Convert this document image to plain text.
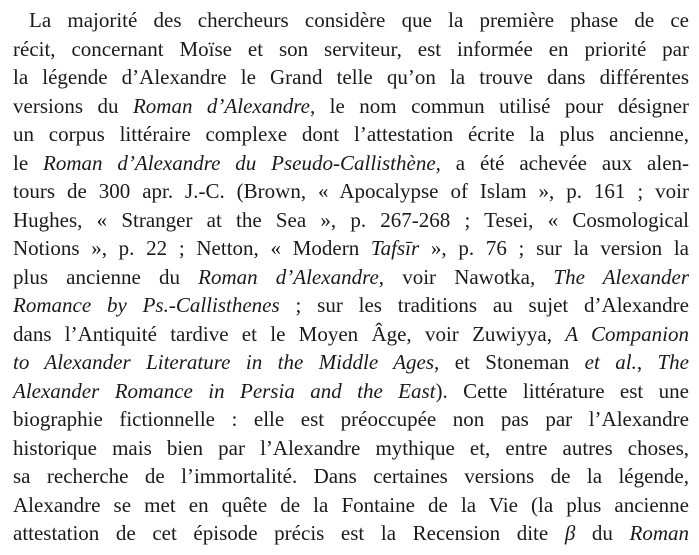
La majorité des chercheurs considère que la première phase de ce
récit, concernant Moïse et son serviteur, est informée en priorité par
la légende d’Alexandre le Grand telle qu’on la trouve dans différentes
versions du Roman d’Alexandre, le nom commun utilisé pour désigner
un corpus littéraire complexe dont l’attestation écrite la plus ancienne,
le Roman d’Alexandre du Pseudo-Callisthène, a été achevée aux alen-
tours de 300 apr. J.-C. (Brown, « Apocalypse of Islam », p. 161 ; voir
Hughes, « Stranger at the Sea », p. 267-268 ; Tesei, « Cosmological
Notions », p. 22 ; Netton, « Modern Tafsīr », p. 76 ; sur la version la
plus ancienne du Roman d’Alexandre, voir Nawotka, The Alexander
Romance by Ps.-Callisthenes ; sur les traditions au sujet d’Alexandre
dans l’Antiquité tardive et le Moyen Âge, voir Zuwiyya, A Companion
to Alexander Literature in the Middle Ages, et Stoneman et al., The
Alexander Romance in Persia and the East). Cette littérature est une
biographie fictionnelle : elle est préoccupée non pas par l’Alexandre
historique mais bien par l’Alexandre mythique et, entre autres choses,
sa recherche de l’immortalité. Dans certaines versions de la légende,
Alexandre se met en quête de la Fontaine de la Vie (la plus ancienne
attestation de cet épisode précis est la Recension dite β du Roman
